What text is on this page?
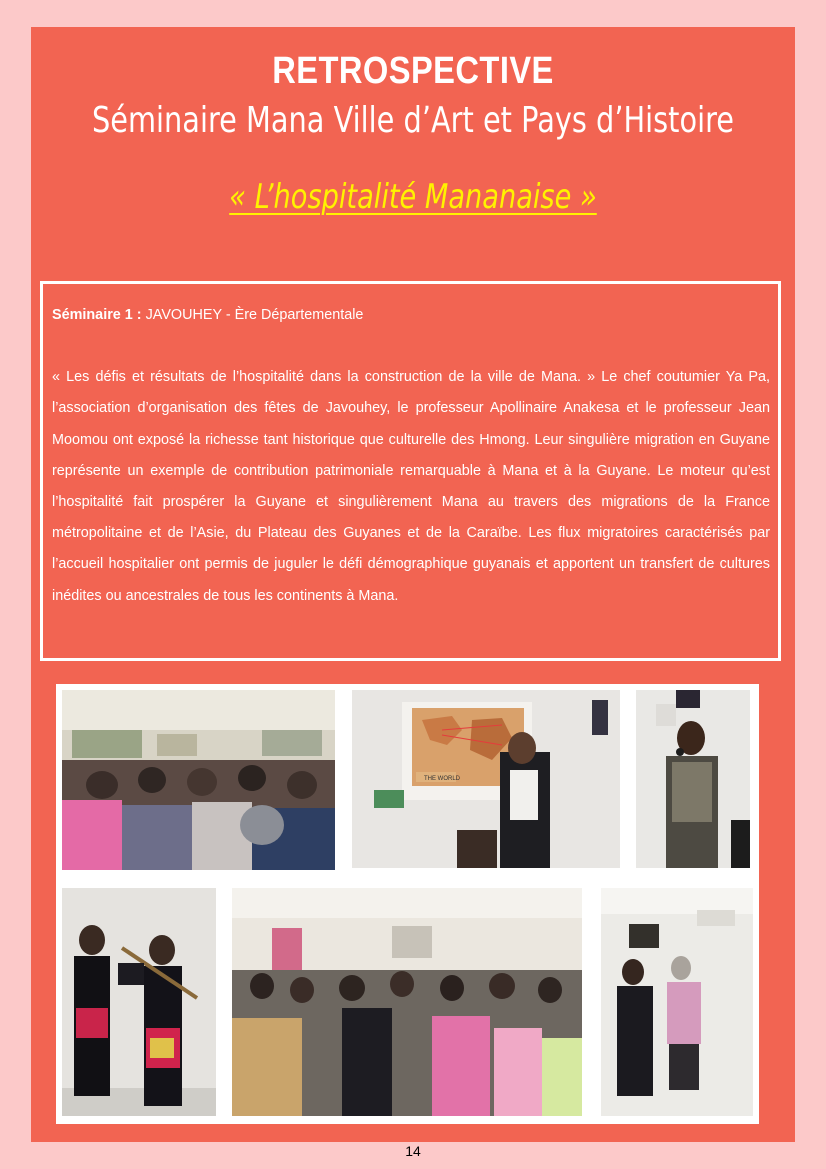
RETROSPECTIVE
Séminaire Mana Ville d’Art et Pays d’Histoire
« L’hospitalité Mananaise »

Séminaire 1 : JAVOUHEY - Ère Départementale

« Les défis et résultats de l’hospitalité dans la construction de la ville de Mana. » Le chef coutumier Ya Pa, l’association d’organisation des fêtes de Javouhey, le professeur Apollinaire Anakesa et le professeur Jean Moomou ont exposé la richesse tant historique que culturelle des Hmong. Leur singulière migration en Guyane représente un exemple de contribution patrimoniale remarquable à Mana et à la Guyane. Le moteur qu’est l’hospitalité fait prospérer la Guyane et singulièrement Mana au travers des migrations de la France métropolitaine et de l’Asie, du Plateau des Guyanes et de la Caraïbe. Les flux migratoires caractérisés par l’accueil hospitalier ont permis de juguler le défi démographique guyanais et apportent un transfert de cultures inédites ou ancestrales de tous les continents à Mana.

THE WORLD
14
